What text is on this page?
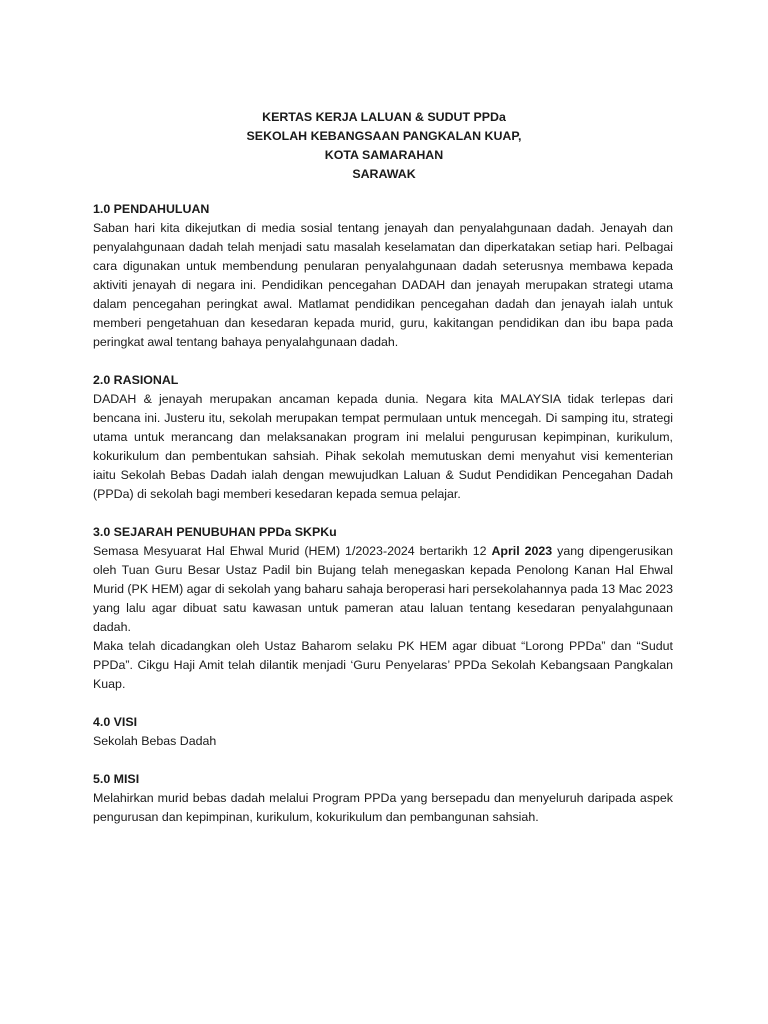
KERTAS KERJA LALUAN & SUDUT PPDa
SEKOLAH KEBANGSAAN PANGKALAN KUAP,
KOTA SAMARAHAN
SARAWAK
1.0 PENDAHULUAN

Saban hari kita dikejutkan di media sosial tentang jenayah dan penyalahgunaan dadah. Jenayah dan penyalahgunaan dadah telah menjadi satu masalah keselamatan dan diperkatakan setiap hari. Pelbagai cara digunakan untuk membendung penularan penyalahgunaan dadah seterusnya membawa kepada aktiviti jenayah di negara ini. Pendidikan pencegahan DADAH dan jenayah merupakan strategi utama dalam pencegahan peringkat awal. Matlamat pendidikan pencegahan dadah dan jenayah ialah untuk memberi pengetahuan dan kesedaran kepada murid, guru, kakitangan pendidikan dan ibu bapa pada peringkat awal tentang bahaya penyalahgunaan dadah.

2.0 RASIONAL

DADAH & jenayah merupakan ancaman kepada dunia. Negara kita MALAYSIA tidak terlepas dari bencana ini. Justeru itu, sekolah merupakan tempat permulaan untuk mencegah. Di samping itu, strategi utama untuk merancang dan melaksanakan program ini melalui pengurusan kepimpinan, kurikulum, kokurikulum dan pembentukan sahsiah. Pihak sekolah memutuskan demi menyahut visi kementerian iaitu Sekolah Bebas Dadah ialah dengan mewujudkan Laluan & Sudut Pendidikan Pencegahan Dadah (PPDa) di sekolah bagi memberi kesedaran kepada semua pelajar.

3.0 SEJARAH PENUBUHAN PPDa SKPKu

Semasa Mesyuarat Hal Ehwal Murid (HEM) 1/2023-2024 bertarikh 12 April 2023 yang dipengerusikan oleh Tuan Guru Besar Ustaz Padil bin Bujang telah menegaskan kepada Penolong Kanan Hal Ehwal Murid (PK HEM) agar di sekolah yang baharu sahaja beroperasi hari persekolahannya pada 13 Mac 2023 yang lalu agar dibuat satu kawasan untuk pameran atau laluan tentang kesedaran penyalahgunaan dadah.

Maka telah dicadangkan oleh Ustaz Baharom selaku PK HEM agar dibuat “Lorong PPDa” dan “Sudut PPDa”. Cikgu Haji Amit telah dilantik menjadi ‘Guru Penyelaras’ PPDa Sekolah Kebangsaan Pangkalan Kuap.

4.0 VISI

Sekolah Bebas Dadah

5.0 MISI

Melahirkan murid bebas dadah melalui Program PPDa yang bersepadu dan menyeluruh daripada aspek pengurusan dan kepimpinan, kurikulum, kokurikulum dan pembangunan sahsiah.
